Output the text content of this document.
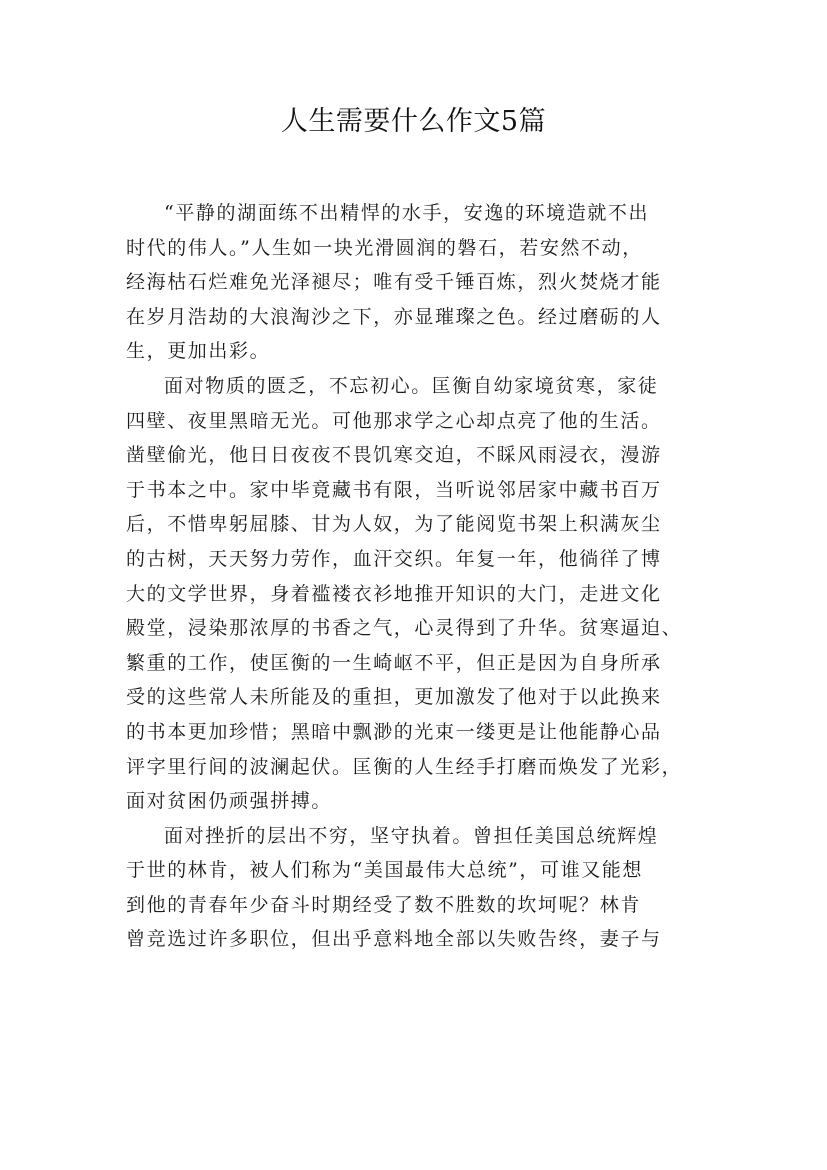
人生需要什么作文5篇
“平静的湖面练不出精悍的水手，安逸的环境造就不出
时代的伟人。”人生如一块光滑圆润的磐石，若安然不动，
经海枯石烂难免光泽褪尽；唯有受千锤百炼，烈火焚烧才能
在岁月浩劫的大浪淘沙之下，亦显璀璨之色。经过磨砺的人
生，更加出彩。
面对物质的匮乏，不忘初心。匡衡自幼家境贫寒，家徒
四壁、夜里黑暗无光。可他那求学之心却点亮了他的生活。
凿壁偷光，他日日夜夜不畏饥寒交迫，不睬风雨浸衣，漫游
于书本之中。家中毕竟藏书有限，当听说邻居家中藏书百万
后，不惜卑躬屈膝、甘为人奴，为了能阅览书架上积满灰尘
的古树，天天努力劳作，血汗交织。年复一年，他徜徉了博
大的文学世界，身着褴褛衣衫地推开知识的大门，走进文化
殿堂，浸染那浓厚的书香之气，心灵得到了升华。贫寒逼迫、
繁重的工作，使匡衡的一生崎岖不平，但正是因为自身所承
受的这些常人未所能及的重担，更加激发了他对于以此换来
的书本更加珍惜；黑暗中飘渺的光束一缕更是让他能静心品
评字里行间的波澜起伏。匡衡的人生经手打磨而焕发了光彩，
面对贫困仍顽强拼搏。
面对挫折的层出不穷，坚守执着。曾担任美国总统辉煌
于世的林肯，被人们称为“美国最伟大总统”，可谁又能想
到他的青春年少奋斗时期经受了数不胜数的坎坷呢？林肯
曾竞选过许多职位，但出乎意料地全部以失败告终，妻子与
